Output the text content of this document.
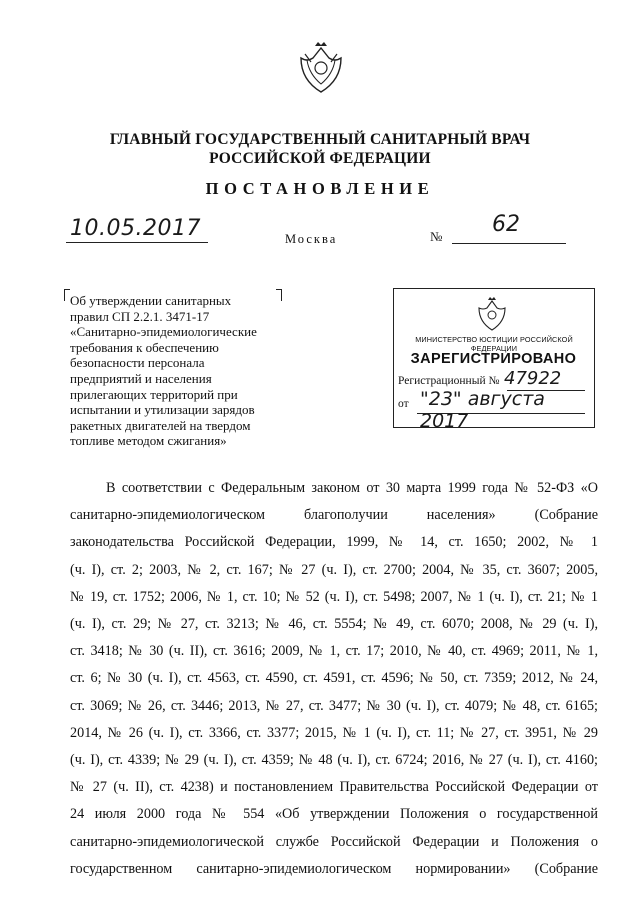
ГЛАВНЫЙ ГОСУДАРСТВЕННЫЙ САНИТАРНЫЙ ВРАЧ
РОССИЙСКОЙ ФЕДЕРАЦИИ
ПОСТАНОВЛЕНИЕ
10.05.2017	Москва	№ 62
Об утверждении санитарных
правил СП 2.2.1. 3471-17
«Санитарно-эпидемиологические
требования к обеспечению
безопасности персонала
предприятий и населения
прилегающих территорий при
испытании и утилизации зарядов
ракетных двигателей на твердом
топливе методом сжигания»
МИНИСТЕРСТВО ЮСТИЦИИ РОССИЙСКОЙ ФЕДЕРАЦИИ
ЗАРЕГИСТРИРОВАНО
Регистрационный № 47922
от "23" августа 2017
В соответствии с Федеральным законом от 30 марта 1999 года № 52-ФЗ «О
санитарно-эпидемиологическом благополучии населения» (Собрание
законодательства Российской Федерации, 1999, № 14, ст. 1650; 2002, № 1
(ч. I), ст. 2; 2003, № 2, ст. 167; № 27 (ч. I), ст. 2700; 2004, № 35, ст. 3607; 2005,
№ 19, ст. 1752; 2006, № 1, ст. 10; № 52 (ч. I), ст. 5498; 2007, № 1 (ч. I), ст. 21; № 1
(ч. I), ст. 29; № 27, ст. 3213; № 46, ст. 5554; № 49, ст. 6070; 2008, № 29 (ч. I),
ст. 3418; № 30 (ч. II), ст. 3616; 2009, № 1, ст. 17; 2010, № 40, ст. 4969; 2011, № 1,
ст. 6; № 30 (ч. I), ст. 4563, ст. 4590, ст. 4591, ст. 4596; № 50, ст. 7359; 2012, № 24,
ст. 3069; № 26, ст. 3446; 2013, № 27, ст. 3477; № 30 (ч. I), ст. 4079; № 48, ст. 6165;
2014, № 26 (ч. I), ст. 3366, ст. 3377; 2015, № 1 (ч. I), ст. 11; № 27, ст. 3951, № 29
(ч. I), ст. 4339; № 29 (ч. I), ст. 4359; № 48 (ч. I), ст. 6724; 2016, № 27 (ч. I), ст. 4160;
№ 27 (ч. II), ст. 4238) и постановлением Правительства Российской Федерации от
24 июля 2000 года № 554 «Об утверждении Положения о государственной
санитарно-эпидемиологической службе Российской Федерации и Положения о
государственном санитарно-эпидемиологическом нормировании» (Собрание
